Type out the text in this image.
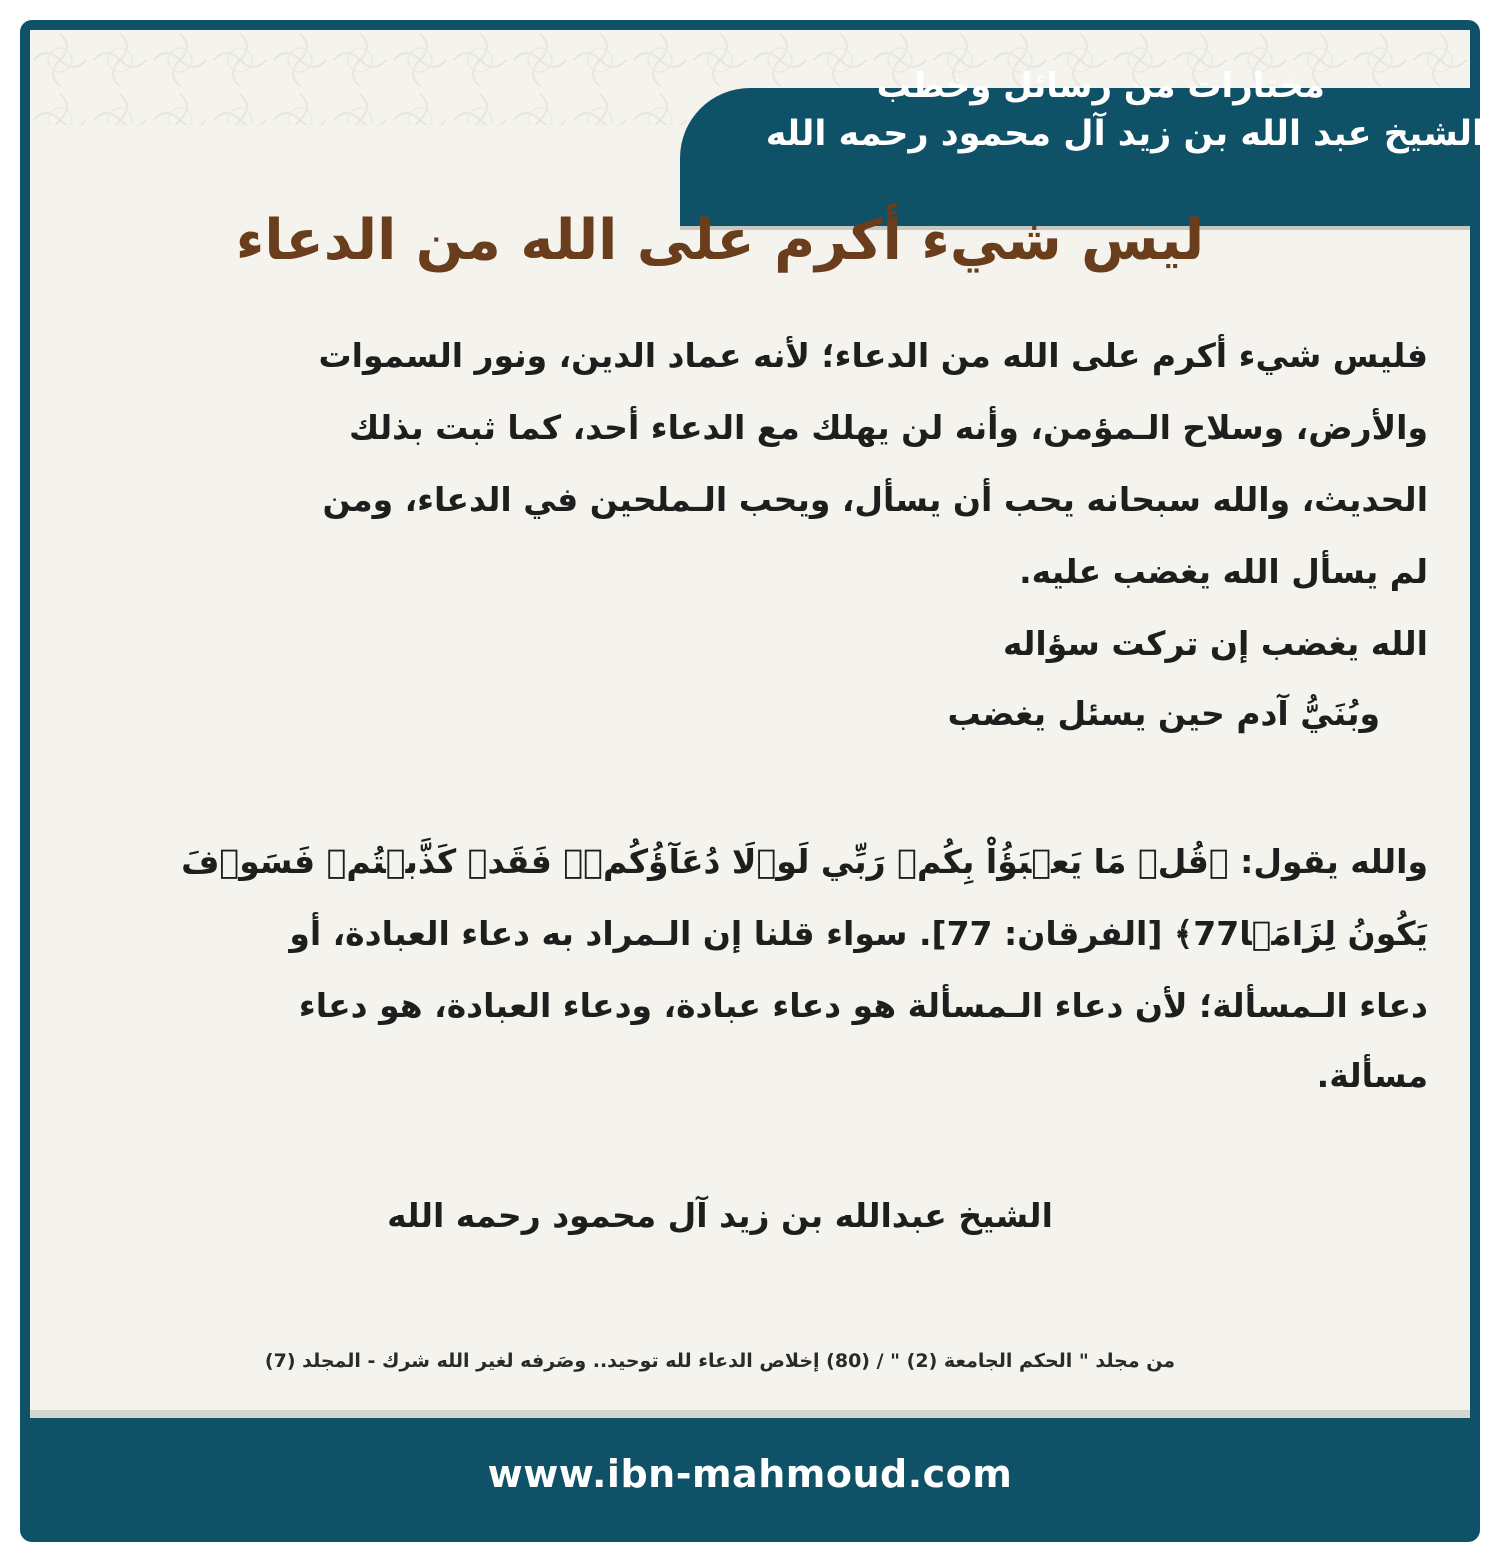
مختارات من رسائل وخطب
الشيخ عبد الله بن زيد آل محمود رحمه الله
ليس شيء أكرم على الله من الدعاء
فليس شيء أكرم على الله من الدعاء؛ لأنه عماد الدين، ونور السموات
والأرض، وسلاح الـمؤمن، وأنه لن يهلك مع الدعاء أحد، كما ثبت بذلك
الحديث، والله سبحانه يحب أن يسأل، ويحب الـملحين في الدعاء، ومن
لم يسأل الله يغضب عليه.
الله يغضب إن تركت سؤاله
وبُنَيُّ آدم حين يسئل يغضب
والله يقول: ﴿قُلۡ مَا يَعۡبَؤُاْ بِكُمۡ رَبِّي لَوۡلَا دُعَآؤُكُمۡۖ فَقَدۡ كَذَّبۡتُمۡ فَسَوۡفَ
يَكُونُ لِزَامَۢا77﴾ [الفرقان: 77]. سواء قلنا إن الـمراد به دعاء العبادة، أو
دعاء الـمسألة؛ لأن دعاء الـمسألة هو دعاء عبادة، ودعاء العبادة، هو دعاء
مسألة.
الشيخ عبدالله بن زيد آل محمود رحمه الله
من مجلد " الحكم الجامعة (2) " / (80) إخلاص الدعاء لله توحيد.. وصَرفه لغير الله شرك - المجلد (7)
www.ibn-mahmoud.com
